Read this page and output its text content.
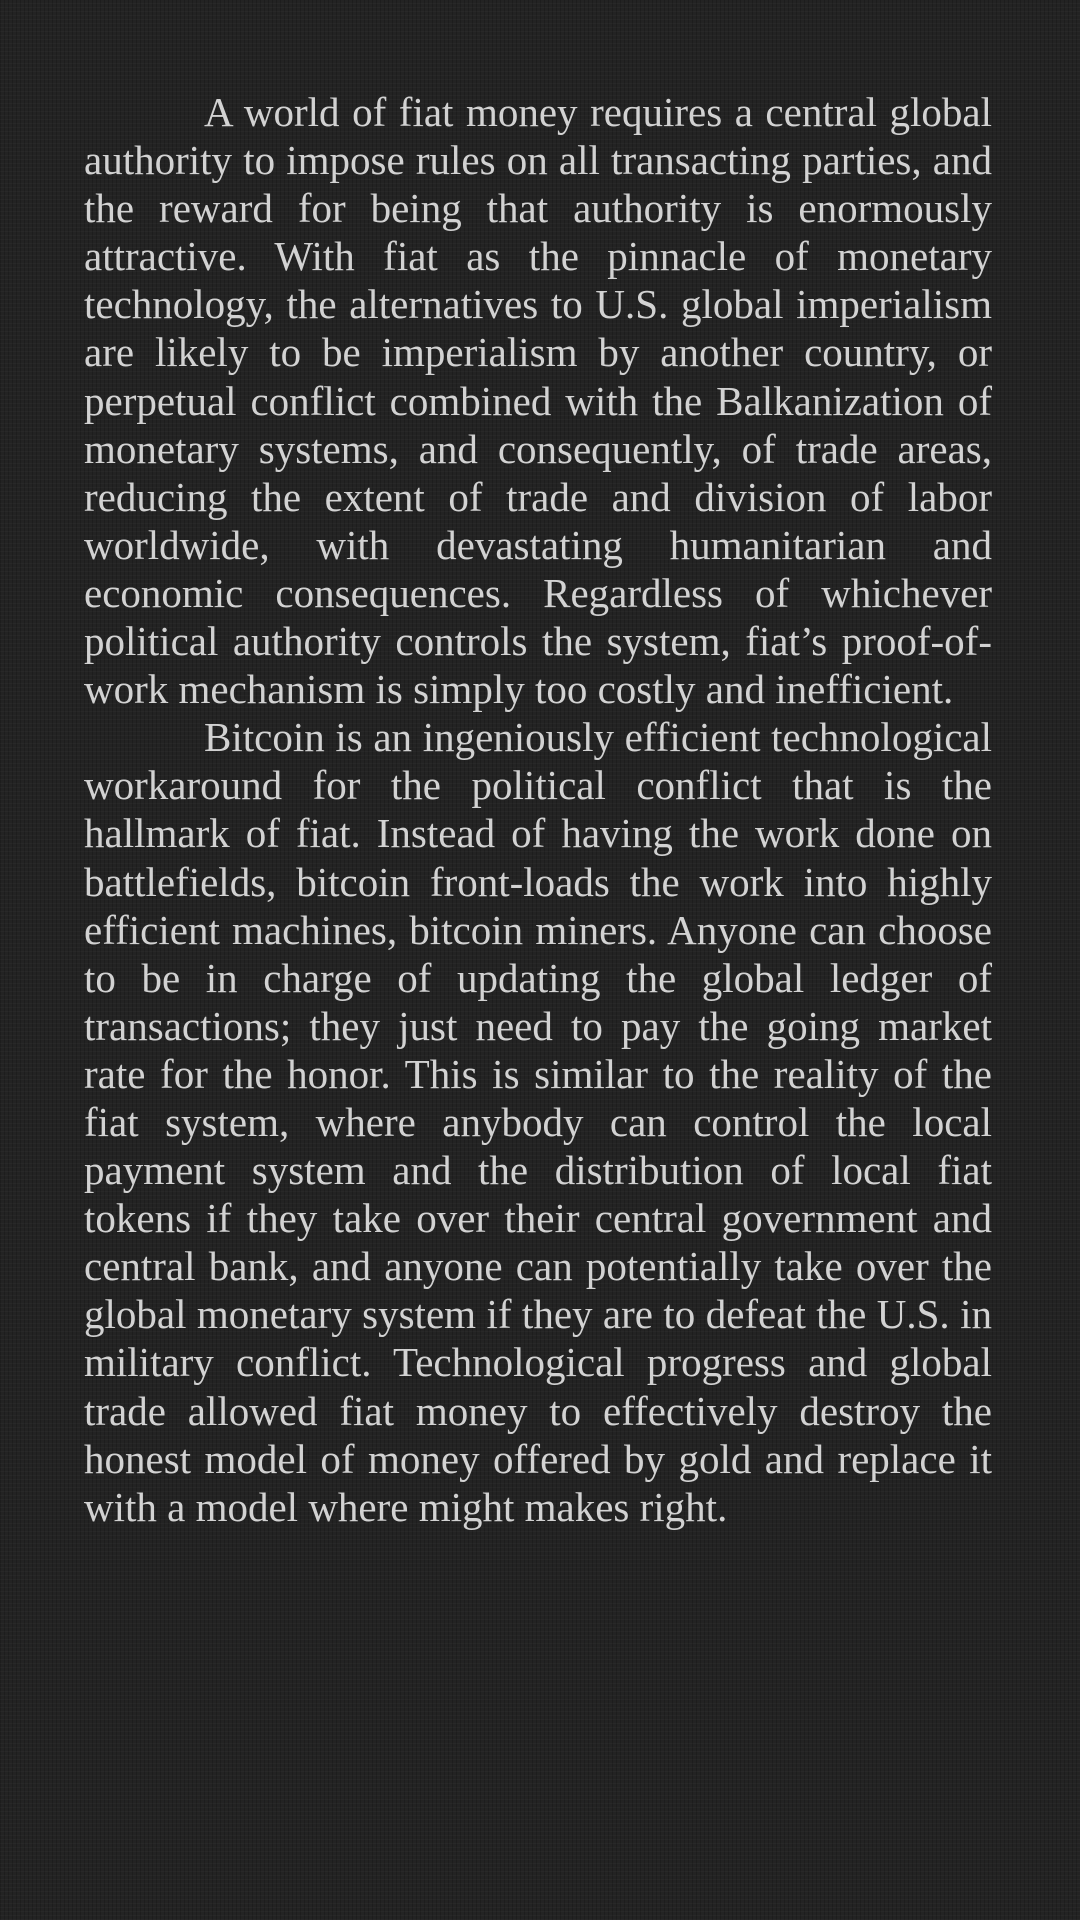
A world of fiat money requires a central global authority to impose rules on all transacting parties, and the reward for being that authority is enormously attractive. With fiat as the pinnacle of monetary technology, the alternatives to U.S. global imperialism are likely to be imperialism by another country, or perpetual conflict combined with the Balkanization of monetary systems, and consequently, of trade areas, reducing the extent of trade and division of labor worldwide, with devastating humanitarian and economic consequences. Regardless of whichever political authority controls the system, fiat’s proof-of-work mechanism is simply too costly and inefficient.

Bitcoin is an ingeniously efficient technological workaround for the political conflict that is the hallmark of fiat. Instead of having the work done on battlefields, bitcoin front-loads the work into highly efficient machines, bitcoin miners. Anyone can choose to be in charge of updating the global ledger of transactions; they just need to pay the going market rate for the honor. This is similar to the reality of the fiat system, where anybody can control the local payment system and the distribution of local fiat tokens if they take over their central government and central bank, and anyone can potentially take over the global monetary system if they are to defeat the U.S. in military conflict. Technological progress and global trade allowed fiat money to effectively destroy the honest model of money offered by gold and replace it with a model where might makes right.
